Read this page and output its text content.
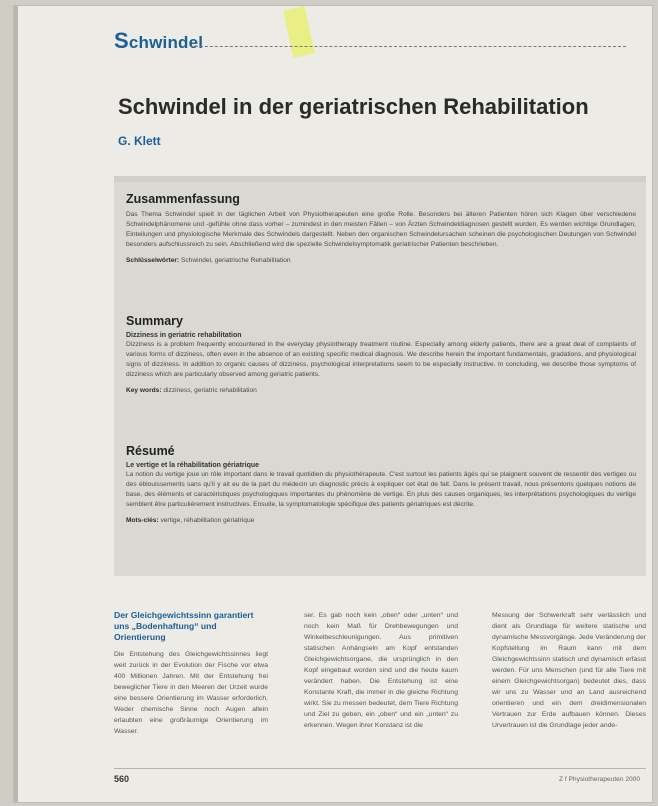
Schwindel
Schwindel in der geriatrischen Rehabilitation
G. Klett
Zusammenfassung

Das Thema Schwindel spielt in der täglichen Arbeit von Physiotherapeuten eine große Rolle. Besonders bei älteren Patienten hören sich Klagen über verschiedene Schwindelphänomene und -gefühle ohne dass vorher – zumindest in den meisten Fällen – von Ärzten Schwindeldiagnosen gestellt wurden. Es werden wichtige Grundlagen, Einteilungen und physiologische Merkmale des Schwindels dargestellt. Neben den organischen Schwindelursachen scheinen die psychologischen Deutungen von Schwindel besonders aufschlussreich zu sein. Abschließend wird die spezielle Schwindelsymptomatik geriatrischer Patienten beschrieben.

Schlüsselwörter: Schwindel, geriatrische Rehabilitation
Summary
Dizziness in geriatric rehabilitation

Dizziness is a problem frequently encountered in the everyday physiotherapy treatment routine. Especially among elderly patients, there are a great deal of complaints of various forms of dizziness, often even in the absence of an existing specific medical diagnosis. We describe herein the important fundamentals, gradations, and physiological signs of dizziness. In addition to organic causes of dizziness, psychological interpretations seem to be especially instructive. In concluding, we describe those symptoms of dizziness which are particularly observed among geriatric patients.

Key words: dizziness, geriatric rehabilitation
Résumé
Le vertige et la réhabilitation gériatrique

La notion du vertige joue un rôle important dans le travail quotidien du physiothérapeute. C'est surtout les patients âgés qui se plaignent souvent de ressentir des vertiges ou des éblouissements sans qu'il y ait eu de la part du médecin un diagnostic précis à expliquer cet état de fait. Dans le présent travail, nous présentons quelques notions de base, des éléments et caractéristiques psychologiques importantes du phénomène de vertige. En plus des causes organiques, les interprétations psychologiques du vertige semblent être particulièrement instructives. Ensuite, la symptomatologie spécifique des patients gériatriques est décrite.

Mots-clés: vertige, réhabilitation gériatrique
Der Gleichgewichtssinn garantiert uns „Bodenhaftung“ und Orientierung

Die Entstehung des Gleichgewichtssinnes liegt weit zurück in der Evolution der Fische vor etwa 400 Millionen Jahren. Mit der Entstehung frei beweglicher Tiere in den Meeren der Urzeit wurde eine bessere Orientierung im Wasser erforderlich. Weder chemische Sinne noch Augen allein erlaubten eine großräumige Orientierung im Wasser.

ser. Es gab noch kein „oben“ oder „unten“ und noch kein Maß für Drehbewegungen und Winkelbeschleunigungen. Aus primitiven statischen Anhängseln am Kopf entstanden Gleichgewichtsorgane, die ursprünglich in den Kopf eingebaut worden sind und die heute kaum verändert haben. Die Entstehung ist eine Konstante Kraft, die immer in die gleiche Richtung wirkt. Sie zu messen bedeutet, dem Tiere Richtung und Ziel zu geben, ein „oben“ und ein „unten“ zu erkennen. Wegen ihrer Konstanz ist die

Messung der Schwerkraft sehr verlässlich und dient als Grundlage für weitere statische und dynamische Messvorgänge. Jede Veränderung der Kopfstellung im Raum kann mit dem Gleichgewichtssinn statisch und dynamisch erfasst werden. Für uns Menschen (und für alle Tiere mit einem Gleichgewichtsorgan) bedeutet dies, dass wir uns zu Wasser und an Land ausreichend orientieren und ein dem dreidimensionalen Vertrauen zur Erde aufbauen können. Dieses Urvertrauen ist die Grundlage jeder ande-

560	Z f Physiotherapeuten 2000
